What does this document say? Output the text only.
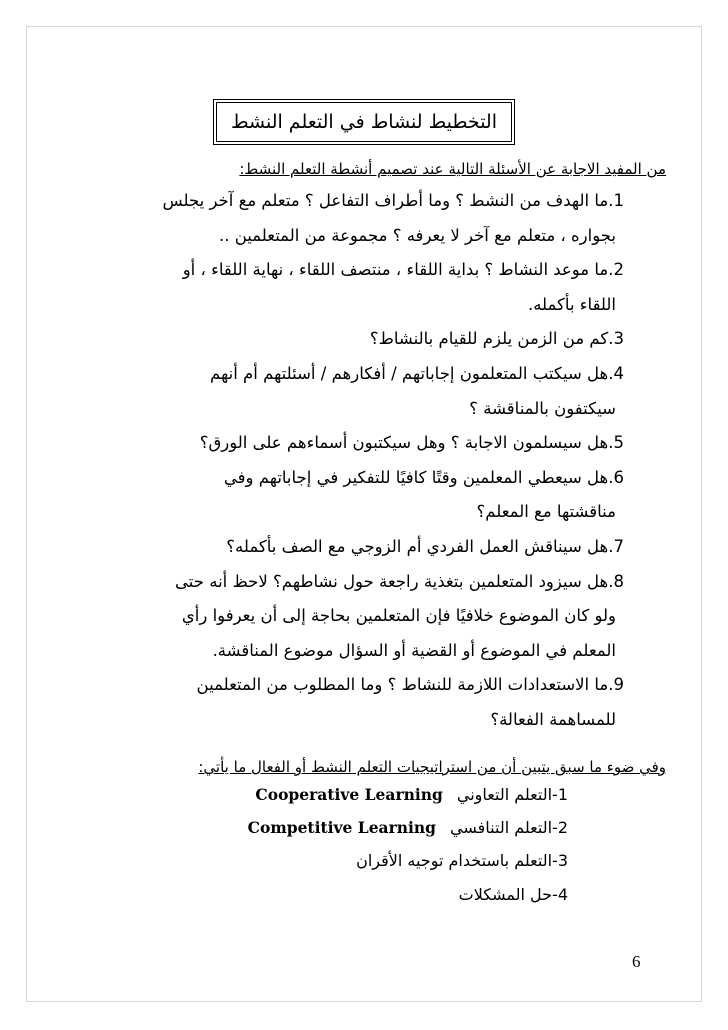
التخطيط لنشاط في التعلم النشط
من المفيد الاجابة عن الأسئلة التالية عند تصميم أنشطة التعلم النشط:
1.ما الهدف من النشط ؟ وما أطراف التفاعل ؟ متعلم مع آخر يجلس
بجواره ، متعلم مع آخر لا يعرفه ؟ مجموعة من المتعلمين ..
2.ما موعد النشاط ؟ بداية اللقاء ، منتصف اللقاء ، نهاية اللقاء ، أو
اللقاء بأكمله.
3.كم من الزمن يلزم للقيام بالنشاط؟
4.هل سيكتب المتعلمون إجاباتهم / أفكارهم / أسئلتهم أم أنهم
سيكتفون بالمناقشة ؟
5.هل سيسلمون الاجابة ؟ وهل سيكتبون أسماءهم على الورق؟
6.هل سيعطي المعلمين وقتًا كافيًا للتفكير في إجاباتهم وفي
مناقشتها مع المعلم؟
7.هل سيناقش العمل الفردي أم الزوجي مع الصف بأكمله؟
8.هل سيزود المتعلمين بتغذية راجعة حول نشاطهم؟ لاحظ أنه حتى
ولو كان الموضوع خلافيًا فإن المتعلمين بحاجة إلى أن يعرفوا رأي
المعلم في الموضوع أو القضية أو السؤال موضوع المناقشة.
9.ما الاستعدادات اللازمة للنشاط ؟ وما المطلوب من المتعلمين
للمساهمة الفعالة؟
وفي ضوء ما سبق يتبين أن من استراتيجيات التعلم النشط أو الفعال ما يأتي:
1-التعلم التعاونيCooperative Learning
2-التعلم التنافسيCompetitive Learning
3-التعلم باستخدام توجيه الأقران
4-حل المشكلات
6
